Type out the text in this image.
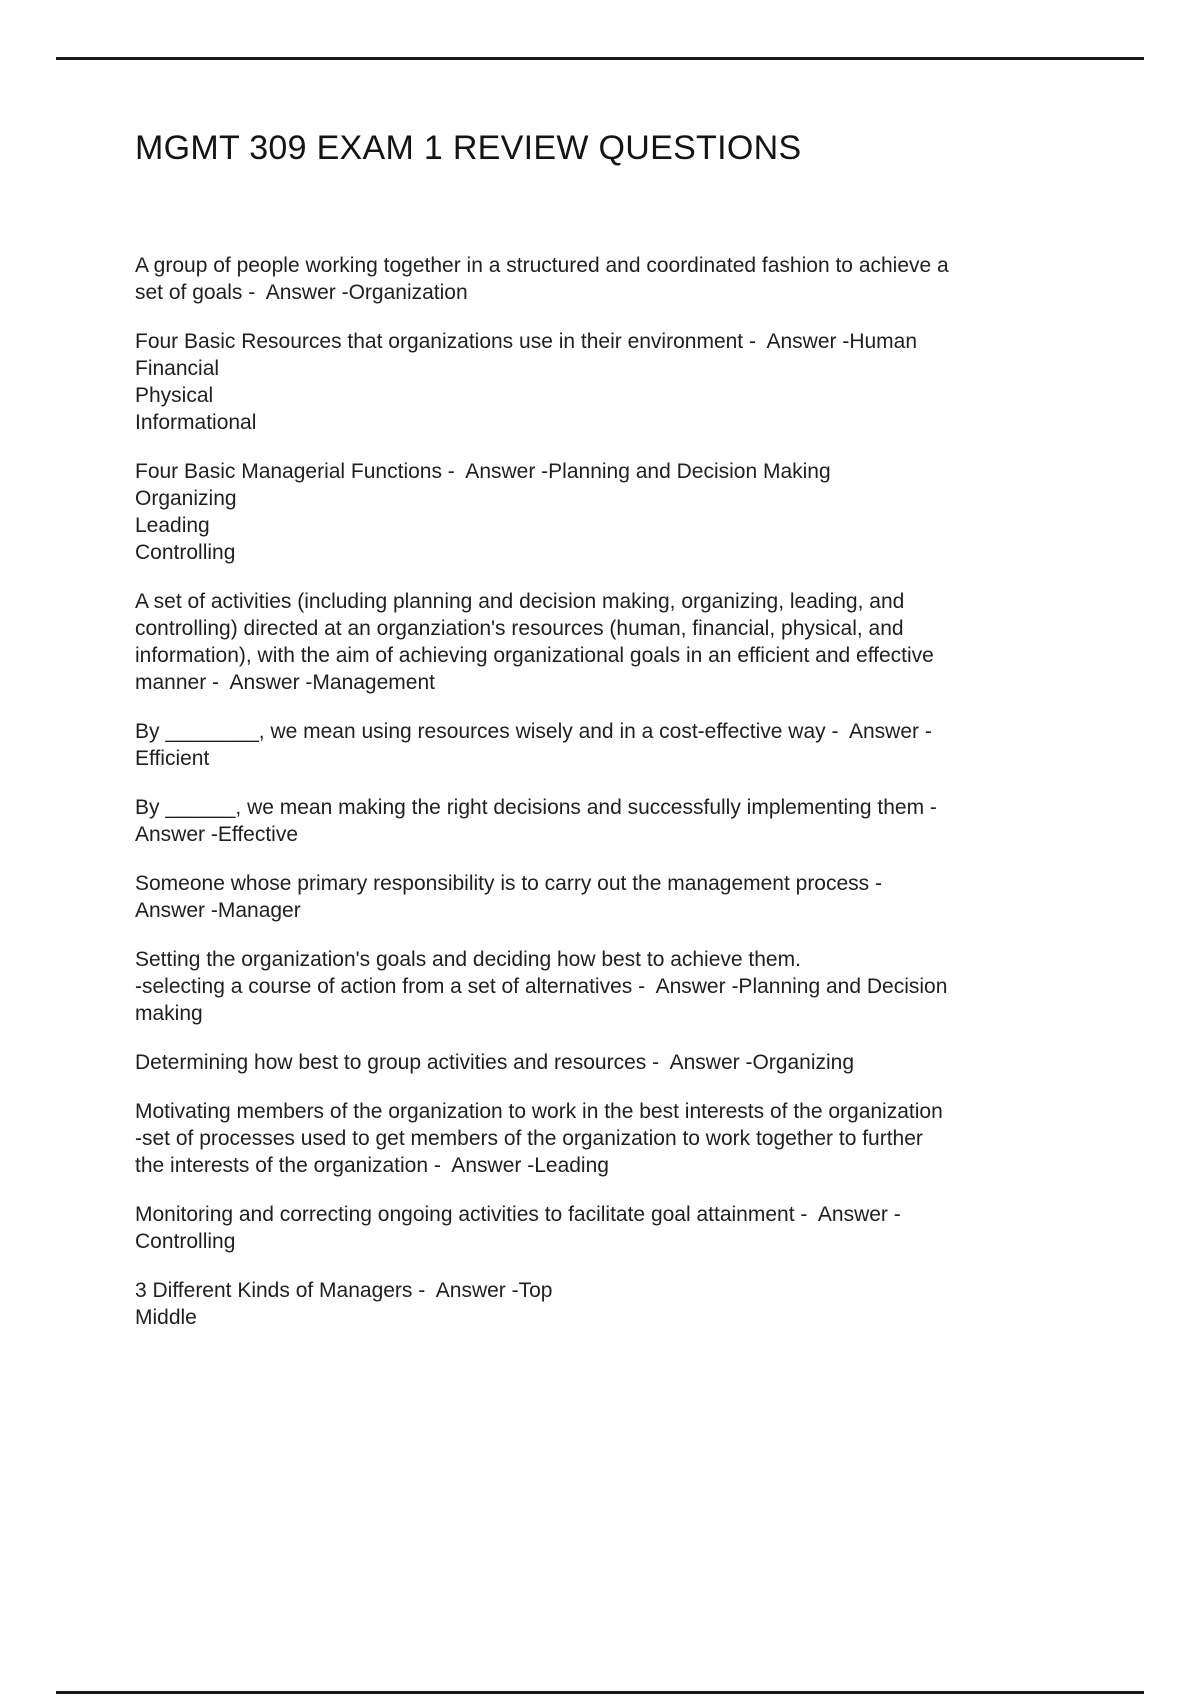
MGMT 309 EXAM 1 REVIEW QUESTIONS
A group of people working together in a structured and coordinated fashion to achieve a
set of goals -  Answer -Organization
Four Basic Resources that organizations use in their environment -  Answer -Human
Financial
Physical
Informational
Four Basic Managerial Functions -  Answer -Planning and Decision Making
Organizing
Leading
Controlling
A set of activities (including planning and decision making, organizing, leading, and
controlling) directed at an organziation's resources (human, financial, physical, and
information), with the aim of achieving organizational goals in an efficient and effective
manner -  Answer -Management
By ________, we mean using resources wisely and in a cost-effective way -  Answer -
Efficient
By ______, we mean making the right decisions and successfully implementing them -
Answer -Effective
Someone whose primary responsibility is to carry out the management process -
Answer -Manager
Setting the organization's goals and deciding how best to achieve them.
-selecting a course of action from a set of alternatives -  Answer -Planning and Decision
making
Determining how best to group activities and resources -  Answer -Organizing
Motivating members of the organization to work in the best interests of the organization
-set of processes used to get members of the organization to work together to further
the interests of the organization -  Answer -Leading
Monitoring and correcting ongoing activities to facilitate goal attainment -  Answer -
Controlling
3 Different Kinds of Managers -  Answer -Top
Middle
